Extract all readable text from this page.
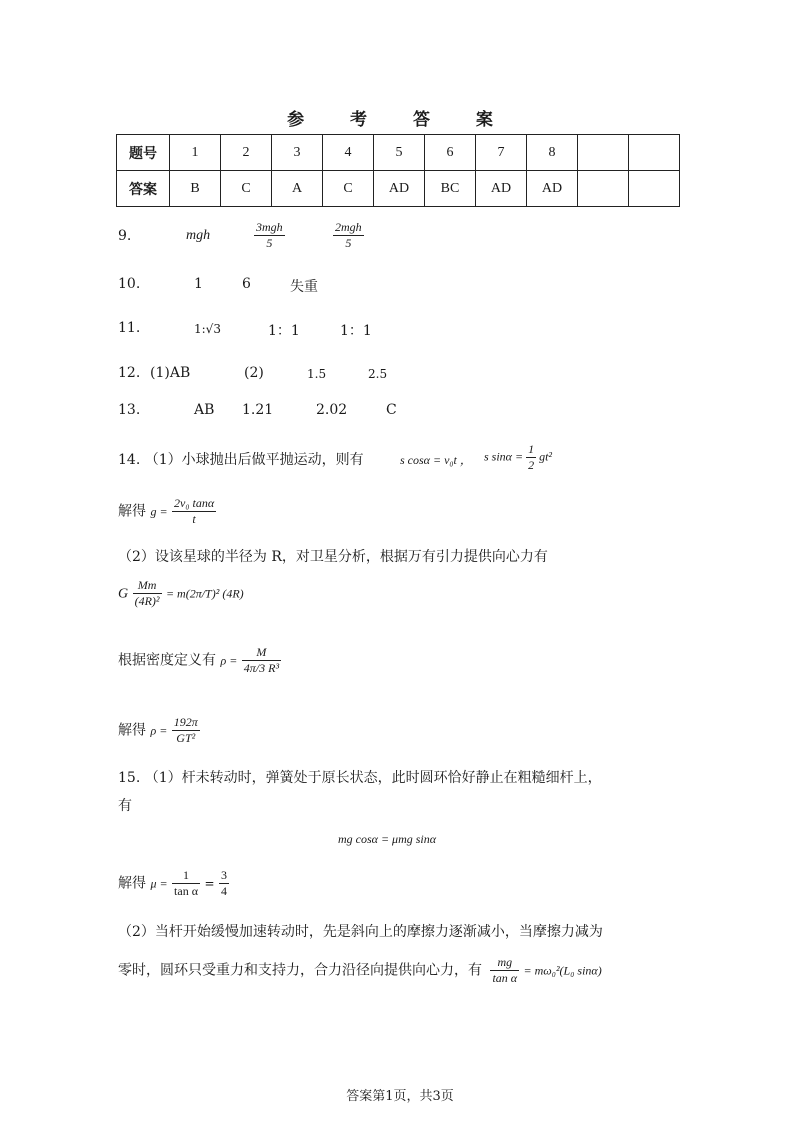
参 考 答 案
题号	1	2	3	4	5	6	7	8		
答案	B	C	A	C	AD	BC	AD	AD		
9.	mgh	$\frac{\text{3mgh}}{5}$	$\frac{\text{2mgh}}{5}$
10.	1	6	失重
11.	1:√3	1：1	1：1
12. (1)AB	(2)	1.5	2.5
13.	AB 1.21	2.02	C
14. （1）小球抛出后做平抛运动，则有	s cosα = v₀t ， s $\sin\alpha = \frac{1}{2} gt^2$
解得 $g = \frac{\text{2v₀ tanα}}{t}$
（2）设该星球的半径为 R，对卫星分析，根据万有引力提供向心力有
G $\frac{Mm}{\text{(4R)²}} = m(2\pi/T)^2$ (4R)
根据密度定义有 $\rho = \frac{M}{\text{4π/3 R³}}$
解得 $\rho = \frac{192\pi}{\text{GT²}}$
15. （1）杆未转动时，弹簧处于原长状态，此时圆环恰好静止在粗糙细杆上，
有
mg cosα = μmg sinα
解得 $\mu = \frac{1}{\text{tan α}} = \frac{3}{4}$
（2）当杆开始缓慢加速转动时，先是斜向上的摩擦力逐渐减小，当摩擦力减为
零时，圆环只受重力和支持力，合力沿径向提供向心力，有 $\frac{mg}{\text{tan α}} = m\omega_0^2(L_0$ sinα)
答案第1页，共3页
